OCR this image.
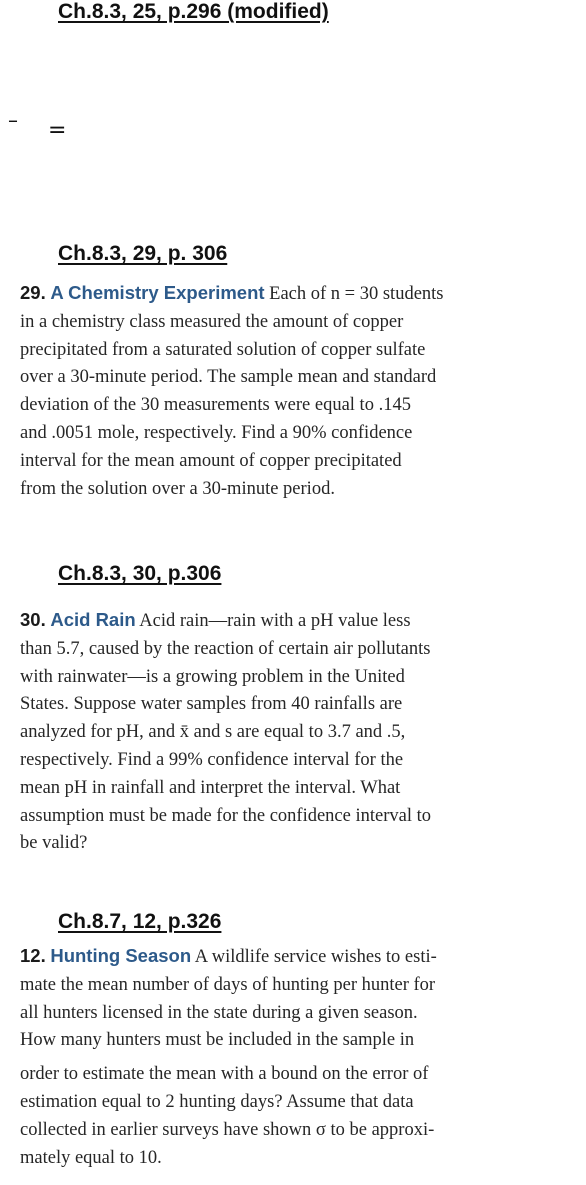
Ch.8.3, 25, p.296 (modified)
– =
Ch.8.3, 29, p. 306
29. A Chemistry Experiment Each of n = 30 students
in a chemistry class measured the amount of copper
precipitated from a saturated solution of copper sulfate
over a 30-minute period. The sample mean and standard
deviation of the 30 measurements were equal to .145
and .0051 mole, respectively. Find a 90% confidence
interval for the mean amount of copper precipitated
from the solution over a 30-minute period.
Ch.8.3, 30, p.306
30. Acid Rain Acid rain—rain with a pH value less
than 5.7, caused by the reaction of certain air pollutants
with rainwater—is a growing problem in the United
States. Suppose water samples from 40 rainfalls are
analyzed for pH, and x̄ and s are equal to 3.7 and .5,
respectively. Find a 99% confidence interval for the
mean pH in rainfall and interpret the interval. What
assumption must be made for the confidence interval to
be valid?
Ch.8.7, 12, p.326
12. Hunting Season A wildlife service wishes to esti-
mate the mean number of days of hunting per hunter for
all hunters licensed in the state during a given season.
How many hunters must be included in the sample in
order to estimate the mean with a bound on the error of
estimation equal to 2 hunting days? Assume that data
collected in earlier surveys have shown σ to be approxi-
mately equal to 10.
